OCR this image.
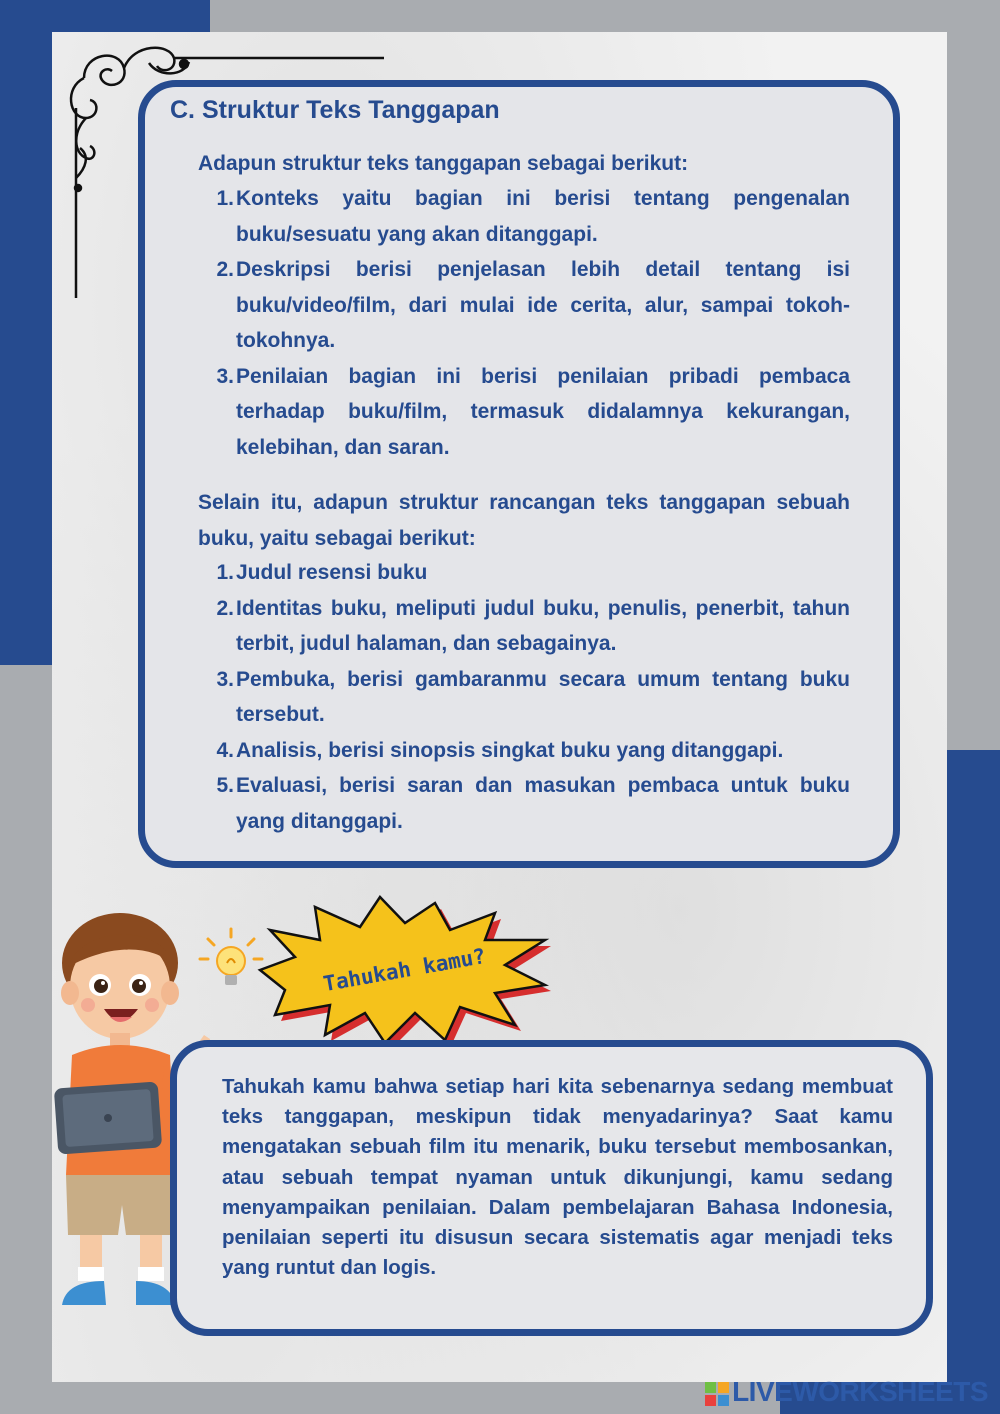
C. Struktur Teks Tanggapan
Adapun struktur teks tanggapan sebagai berikut:
1. Konteks yaitu bagian ini berisi tentang pengenalan buku/sesuatu yang akan ditanggapi.
2. Deskripsi berisi penjelasan lebih detail tentang isi buku/video/film, dari mulai ide cerita, alur, sampai tokoh-tokohnya.
3. Penilaian bagian ini berisi penilaian pribadi pembaca terhadap buku/film, termasuk didalamnya kekurangan, kelebihan, dan saran.
Selain itu, adapun struktur rancangan teks tanggapan sebuah buku, yaitu sebagai berikut:
1. Judul resensi buku
2. Identitas buku, meliputi judul buku, penulis, penerbit, tahun terbit, judul halaman, dan sebagainya.
3. Pembuka, berisi gambaranmu secara umum tentang buku tersebut.
4. Analisis, berisi sinopsis singkat buku yang ditanggapi.
5. Evaluasi, berisi saran dan masukan pembaca untuk buku yang ditanggapi.
Tahukah kamu?
Tahukah kamu bahwa setiap hari kita sebenarnya sedang membuat teks tanggapan, meskipun tidak menyadarinya? Saat kamu mengatakan sebuah film itu menarik, buku tersebut membosankan, atau sebuah tempat nyaman untuk dikunjungi, kamu sedang menyampaikan penilaian. Dalam pembelajaran Bahasa Indonesia, penilaian seperti itu disusun secara sistematis agar menjadi teks yang runtut dan logis.
LIVEWORKSHEETS
